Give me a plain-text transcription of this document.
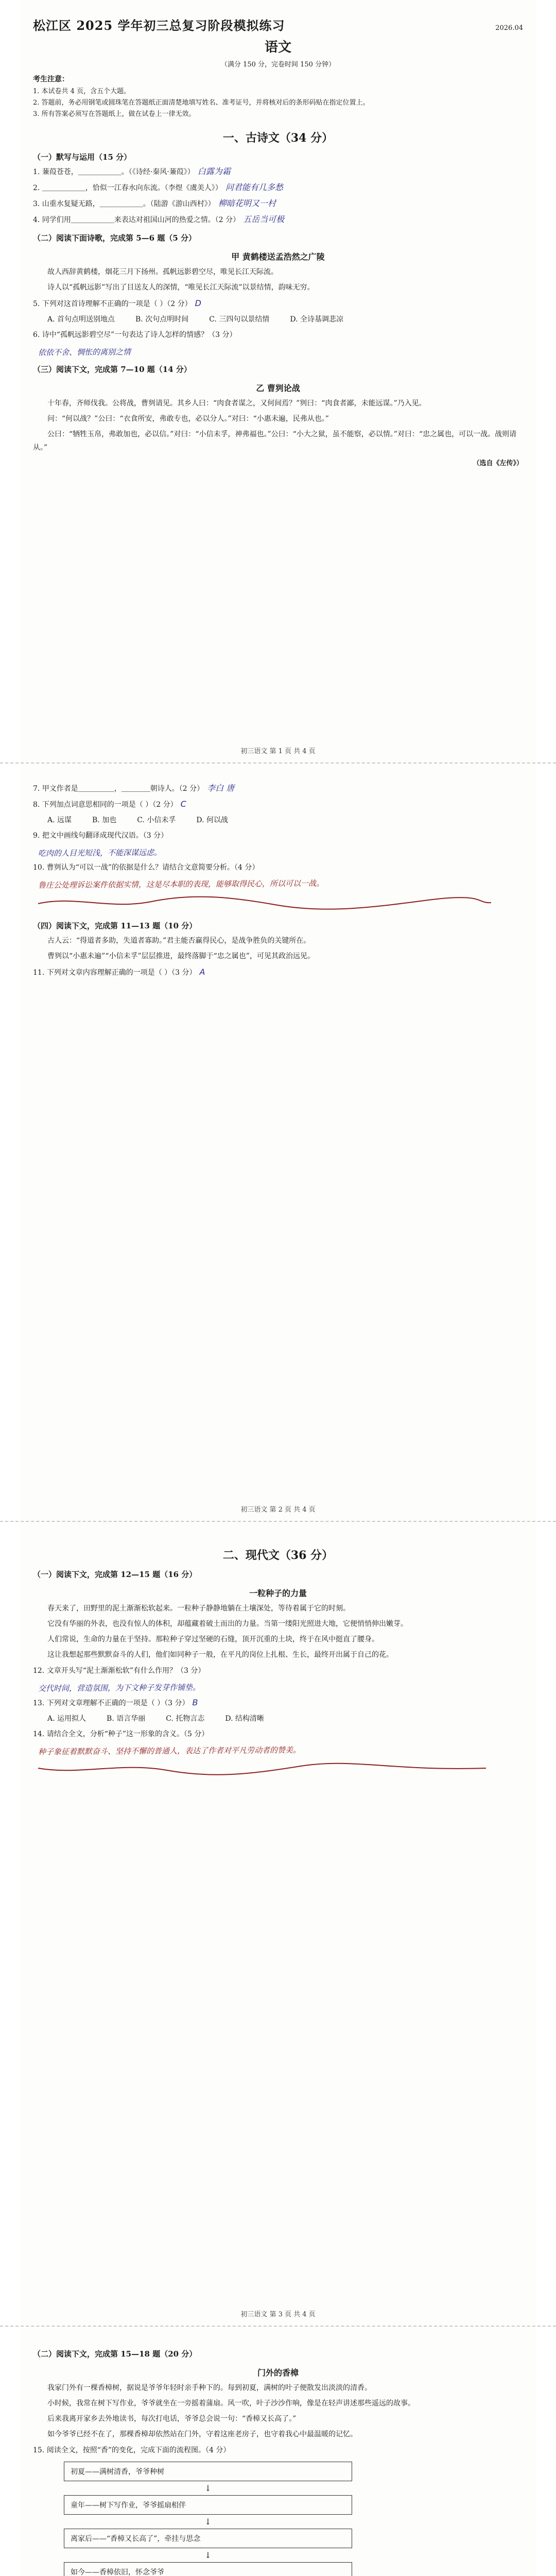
松江区 2025 学年初三总复习阶段模拟练习	2026.04
语文
（满分 150 分，完卷时间 150 分钟）
考生注意：

1. 本试卷共 4 页，含五个大题。

2. 答题前，务必用钢笔或圆珠笔在答题纸正面清楚地填写姓名、准考证号，并将核对后的条形码贴在指定位置上。

3. 所有答案必须写在答题纸上，做在试卷上一律无效。

一、古诗文（34 分）
（一）默写与运用（15 分）
1. 蒹葭苍苍，＿＿＿＿＿＿。（《诗经·秦风·蒹葭》） 白露为霜
2. ＿＿＿＿＿＿，恰似一江春水向东流。（李煜《虞美人》） 问君能有几多愁
3. 山重水复疑无路，＿＿＿＿＿＿。（陆游《游山西村》） 柳暗花明又一村
4. 同学们用＿＿＿＿＿＿来表达对祖国山河的热爱之情。（2 分） 五岳当可极
（二）阅读下面诗歌，完成第 5—6 题（5 分）
甲 黄鹤楼送孟浩然之广陵

故人西辞黄鹤楼，烟花三月下扬州。孤帆远影碧空尽，唯见长江天际流。

诗人以“孤帆远影”写出了目送友人的深情，“唯见长江天际流”以景结情，韵味无穷。

5. 下列对这首诗理解不正确的一项是（ ）（2 分） D
A. 首句点明送别地点	B. 次句点明时间	C. 三四句以景结情	D. 全诗基调悲凉
6. 诗中“孤帆远影碧空尽”一句表达了诗人怎样的情感？（3 分）
依依不舍、惆怅的离别之情
（三）阅读下文，完成第 7—10 题（14 分）
乙 曹刿论战

十年春，齐师伐我。公将战，曹刿请见。其乡人曰：“肉食者谋之，又何间焉？”刿曰：“肉食者鄙，未能远谋。”乃入见。

问：“何以战？”公曰：“衣食所安，弗敢专也，必以分人。”对曰：“小惠未遍，民弗从也。”

公曰：“牺牲玉帛，弗敢加也，必以信。”对曰：“小信未孚，神弗福也。”公曰：“小大之狱，虽不能察，必以情。”对曰：“忠之属也，可以一战。战则请从。”

（选自《左传》）
初三语文 第 1 页 共 4 页
7. 甲文作者是＿＿＿＿＿，＿＿＿＿朝诗人。（2 分） 李白 唐
8. 下列加点词意思相同的一项是（ ）（2 分） C
A. 远谋	B. 加也	C. 小信未孚	D. 何以战
9. 把文中画线句翻译成现代汉语。（3 分）
吃肉的人目光短浅，不能深谋远虑。
10. 曹刿认为“可以一战”的依据是什么？请结合文意简要分析。（4 分）
鲁庄公处理诉讼案件依据实情，这是尽本职的表现，能够取得民心，所以可以一战。
（四）阅读下文，完成第 11—13 题（10 分）

古人云：“得道者多助，失道者寡助。”君主能否赢得民心，是战争胜负的关键所在。

曹刿以“小惠未遍”“小信未孚”层层推进，最终落脚于“忠之属也”，可见其政治远见。

11. 下列对文章内容理解正确的一项是（ ）（3 分） A
初三语文 第 2 页 共 4 页
二、现代文（36 分）
（一）阅读下文，完成第 12—15 题（16 分）
一粒种子的力量

春天来了，田野里的泥土渐渐松软起来。一粒种子静静地躺在土壤深处，等待着属于它的时刻。

它没有华丽的外表，也没有惊人的体积，却蕴藏着破土而出的力量。当第一缕阳光照进大地，它便悄悄伸出嫩芽。

人们常说，生命的力量在于坚持。那粒种子穿过坚硬的石缝，顶开沉重的土块，终于在风中挺直了腰身。

这让我想起那些默默奋斗的人们，他们如同种子一般，在平凡的岗位上扎根、生长，最终开出属于自己的花。

12. 文章开头写“泥土渐渐松软”有什么作用？（3 分）
交代时间，营造氛围，为下文种子发芽作铺垫。
13. 下列对文章理解不正确的一项是（ ）（3 分） B
A. 运用拟人	B. 语言华丽	C. 托物言志	D. 结构清晰
14. 请结合全文，分析“种子”这一形象的含义。（5 分）
种子象征着默默奋斗、坚持不懈的普通人，表达了作者对平凡劳动者的赞美。
初三语文 第 3 页 共 4 页
（二）阅读下文，完成第 15—18 题（20 分）
门外的香樟

我家门外有一棵香樟树，据说是爷爷年轻时亲手种下的。每到初夏，满树的叶子便散发出淡淡的清香。

小时候，我常在树下写作业，爷爷就坐在一旁摇着蒲扇。风一吹，叶子沙沙作响，像是在轻声讲述那些遥远的故事。

后来我离开家乡去外地读书，每次打电话，爷爷总会说一句：“香樟又长高了。”

如今爷爷已经不在了，那棵香樟却依然站在门外，守着这座老房子，也守着我心中最温暖的记忆。

15. 阅读全文，按照“香”的变化，完成下面的流程图。（4 分）
初夏——满树清香，爷爷种树
↓
童年——树下写作业，爷爷摇扇相伴
↓
离家后——“香樟又长高了”，牵挂与思念
↓
如今——香樟依旧，怀念爷爷
